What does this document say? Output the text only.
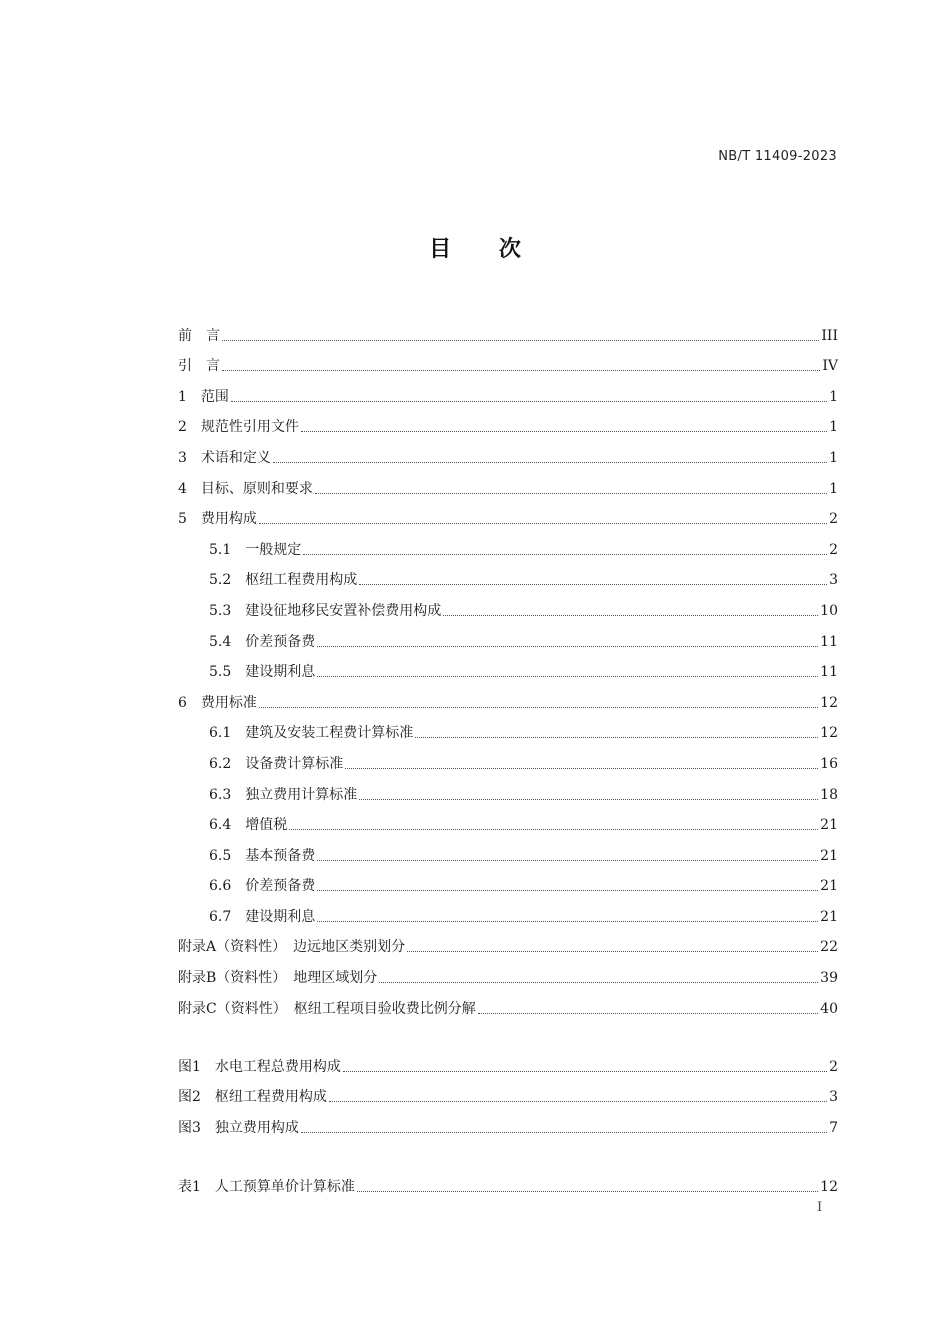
NB/T 11409-2023
目 次
前　言	III
引　言	IV
1　范围	1
2　规范性引用文件	1
3　术语和定义	1
4　目标、原则和要求	1
5　费用构成	2
5.1　一般规定	2
5.2　枢纽工程费用构成	3
5.3　建设征地移民安置补偿费用构成	10
5.4　价差预备费	11
5.5　建设期利息	11
6　费用标准	12
6.1　建筑及安装工程费计算标准	12
6.2　设备费计算标准	16
6.3　独立费用计算标准	18
6.4　增值税	21
6.5　基本预备费	21
6.6　价差预备费	21
6.7　建设期利息	21
附录A（资料性）　边远地区类别划分	22
附录B（资料性）　地理区域划分	39
附录C（资料性）　枢纽工程项目验收费比例分解	40
图1　水电工程总费用构成	2
图2　枢纽工程费用构成	3
图3　独立费用构成	7
表1　人工预算单价计算标准	12
I
